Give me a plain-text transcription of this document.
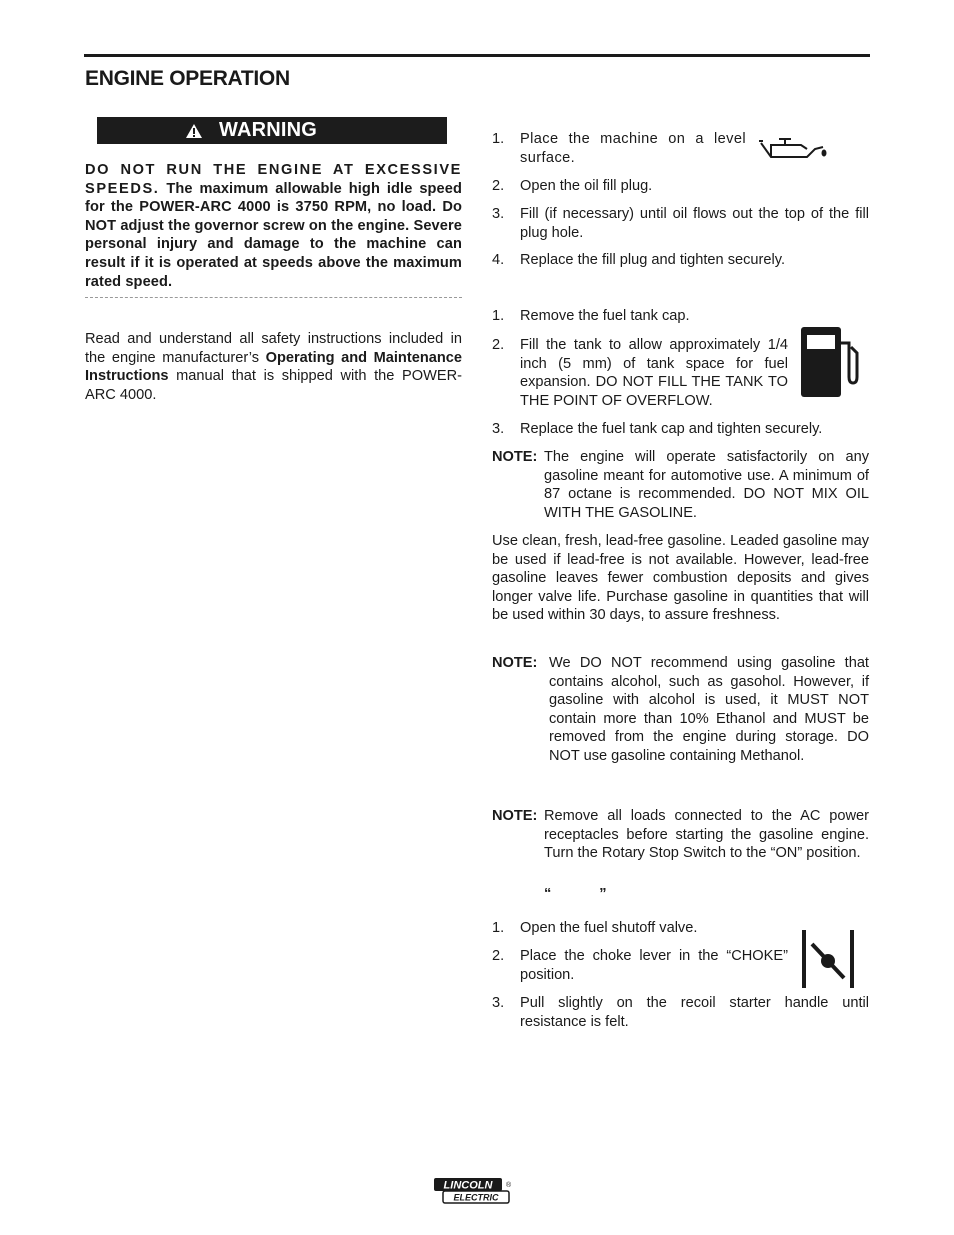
ENGINE OPERATION
WARNING
DO NOT RUN THE ENGINE AT EXCESSIVE SPEEDS. The maximum allowable high idle speed for the POWER-ARC 4000 is 3750 RPM, no load. Do NOT adjust the governor screw on the engine. Severe personal injury and damage to the machine can result if it is operated at speeds above the maximum rated speed.
Read and understand all safety instructions included in the engine manufacturer’s Operating and Maintenance Instructions manual that is shipped with the POWER-ARC 4000.
1.	Place the machine on a level surface.
2.	Open the oil fill plug.
3.	Fill (if necessary) until oil flows out the top of the fill plug hole.
4.	Replace the fill plug and tighten securely.
1.	Remove the fuel tank cap.
2.	Fill the tank to allow approximately 1/4 inch (5 mm) of tank space for fuel expansion. DO NOT FILL THE TANK TO THE POINT OF OVERFLOW.
3.	Replace the fuel tank cap and tighten securely.
NOTE: The engine will operate satisfactorily on any gasoline meant for automotive use. A minimum of 87 octane is recommended. DO NOT MIX OIL WITH THE GASOLINE.
Use clean, fresh, lead-free gasoline. Leaded gasoline may be used if lead-free is not available. However, lead-free gasoline leaves fewer combustion deposits and gives longer valve life. Purchase gasoline in quantities that will be used within 30 days, to assure freshness.
NOTE: We DO NOT recommend using gasoline that contains alcohol, such as gasohol. However, if gasoline with alcohol is used, it MUST NOT contain more than 10% Ethanol and MUST be removed from the engine during storage. DO NOT use gasoline containing Methanol.
NOTE: Remove all loads connected to the AC power receptacles before starting the gasoline engine. Turn the Rotary Stop Switch to the “ON” position.
“	”
1.	Open the fuel shutoff valve.
2.	Place the choke lever in the “CHOKE” position.
3.	Pull slightly on the recoil starter handle until resistance is felt.
LINCOLN
ELECTRIC
®
